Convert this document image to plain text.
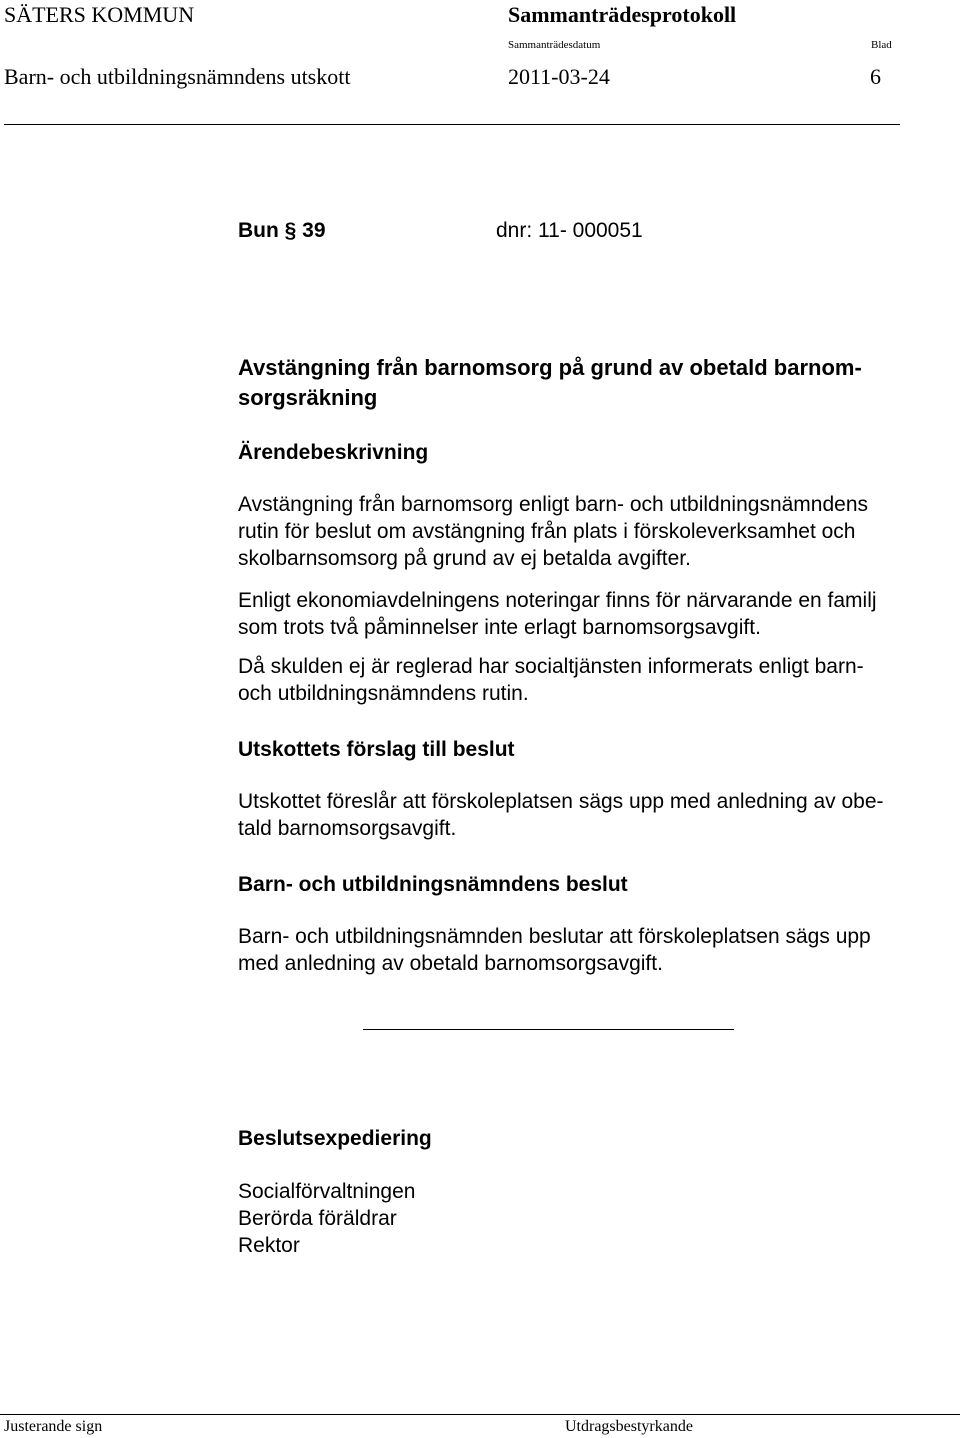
SÄTERS KOMMUN	Sammanträdesprotokoll
Sammanträdesdatum	Blad
Barn- och utbildningsnämndens utskott	2011-03-24	6
Bun § 39	dnr: 11- 000051
Avstängning från barnomsorg på grund av obetald barnom-
sorgsräkning
Ärendebeskrivning
Avstängning från barnomsorg enligt barn- och utbildningsnämndens
rutin för beslut om avstängning från plats i förskoleverksamhet och
skolbarnsomsorg på grund av ej betalda avgifter.
Enligt ekonomiavdelningens noteringar finns för närvarande en familj
som trots två påminnelser inte erlagt barnomsorgsavgift.
Då skulden ej är reglerad har socialtjänsten informerats enligt barn-
och utbildningsnämndens rutin.
Utskottets förslag till beslut
Utskottet föreslår att förskoleplatsen sägs upp med anledning av obe-
tald barnomsorgsavgift.
Barn- och utbildningsnämndens beslut
Barn- och utbildningsnämnden beslutar att förskoleplatsen sägs upp
med anledning av obetald barnomsorgsavgift.
Beslutsexpediering
Socialförvaltningen
Berörda föräldrar
Rektor
Justerande sign	Utdragsbestyrkande
